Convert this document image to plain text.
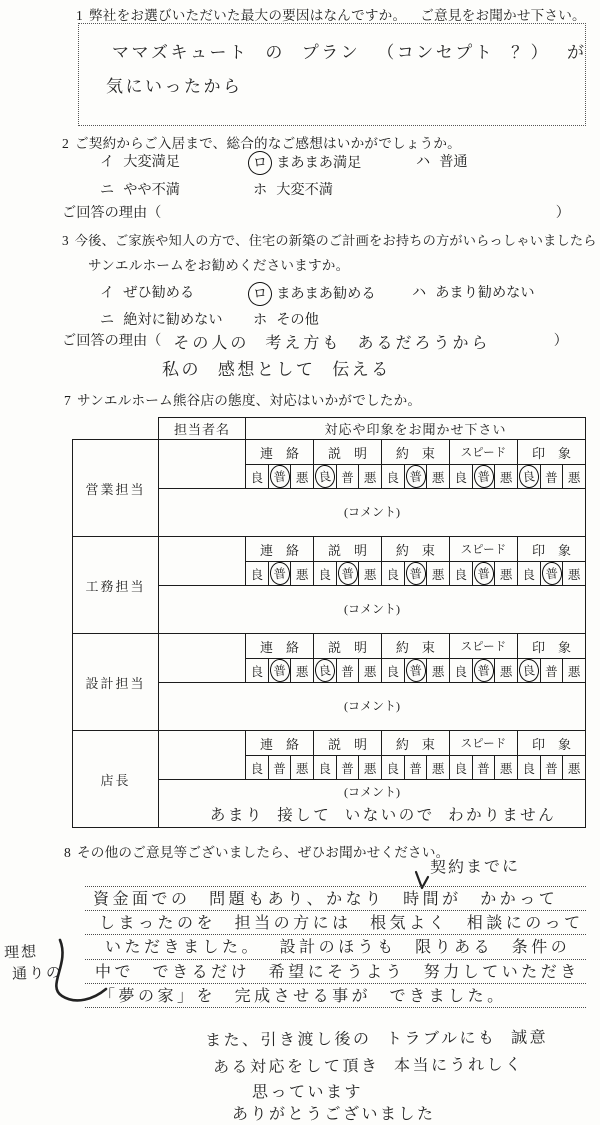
1 弊社をお選びいただいた最大の要因はなんですか。 ご意見をお聞かせ下さい。
ママズキュート の プラン （コンセプト ？） が
気にいったから
2 ご契約からご入居まで、総合的なご感想はいかがでしょうか。
イ 大変満足	ロ まあまあ満足	ハ 普通
ニ やや不満	ホ 大変不満
ご回答の理由（	）
3 今後、ご家族や知人の方で、住宅の新築のご計画をお持ちの方がいらっしゃいましたら
サンエルホームをお勧めくださいますか。
イ ぜひ勧める	ロ まあまあ勧める	ハ あまり勧めない
ニ 絶対に勧めない ホ その他
ご回答の理由（ その人の 考え方も あるだろうから	）
私の 感想として 伝える
7 サンエルホーム熊谷店の態度、対応はいかがでしたか。
	担当者名	対応や印象をお聞かせ下さい														
営業担当		連　絡			説　明			約　束			スピード			印　象		
		良	普	悪	良	普	悪	良	普	悪	良	普	悪	良	普	悪
	(コメント)															

工務担当		連　絡			説　明			約　束			スピード			印　象		
		良	普	悪	良	普	悪	良	普	悪	良	普	悪	良	普	悪
	(コメント)															

設計担当		連　絡			説　明			約　束			スピード			印　象		
		良	普	悪	良	普	悪	良	普	悪	良	普	悪	良	普	悪
	(コメント)															

店長		連　絡			説　明			約　束			スピード			印　象		
		良	普	悪	良	普	悪	良	普	悪	良	普	悪	良	普	悪
	(コメント)
あまり 接して いないので わかりません															
8 その他のご意見等ございましたら、ぜひお聞かせください。
契約までに
資金面での 問題もあり、かなり 時間が かかって
しまったのを 担当の方には 根気よく 相談にのって
いただきました。 設計のほうも 限りある 条件の
中で できるだけ 希望にそうよう 努力していただき
「夢の家」を 完成させる事が できました。
理想
通りの
また、引き渡し後の トラブルにも 誠意
ある対応をして頂き 本当にうれしく
思っています
ありがとうございました
